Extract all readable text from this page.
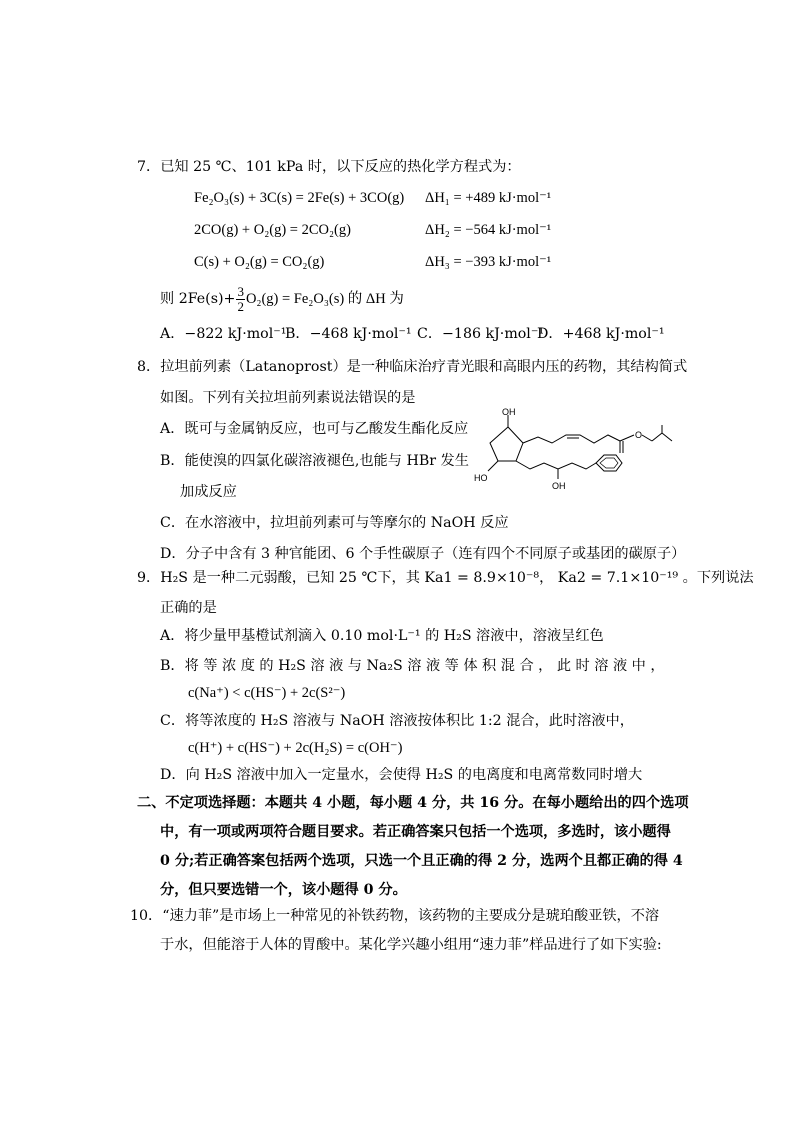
7．已知 25 ℃、101 kPa 时，以下反应的热化学方程式为：
Fe₂O₃(s) + 3C(s) = 2Fe(s) + 3CO(g) ΔH₁ = +489 kJ·mol⁻¹
2CO(g) + O₂(g) = 2CO₂(g)	ΔH₂ = −564 kJ·mol⁻¹
C(s) + O₂(g) = CO₂(g)	ΔH₃ = −393 kJ·mol⁻¹
则 $2Fe(s)+ \frac{3}{2} O_2(g) = Fe_2O_3(s)$ 的 ΔH 为
A．−822 kJ·mol⁻¹
B．−468 kJ·mol⁻¹ C．−186 kJ·mol⁻¹
D．+468 kJ·mol⁻¹
8．拉坦前列素（Latanoprost）是一种临床治疗青光眼和高眼内压的药物，其结构简式
如图。下列有关拉坦前列素说法错误的是
A．既可与金属钠反应，也可与乙酸发生酯化反应
B．能使溴的四氯化碳溶液褪色,也能与 HBr 发生
加成反应
OH
HO
OH
O
C．在水溶液中，拉坦前列素可与等摩尔的 NaOH 反应
D．分子中含有 3 种官能团、6 个手性碳原子（连有四个不同原子或基团的碳原子）
9．H₂S 是一种二元弱酸，已知 25 ℃下，其 Ka1 = 8.9×10⁻⁸， Ka2 = 7.1×10⁻¹⁹ 。下列说法
正确的是
A．将少量甲基橙试剂滴入 0.10 mol·L⁻¹ 的 H₂S 溶液中，溶液呈红色
B．将 等 浓 度 的 H₂S 溶 液 与 Na₂S 溶 液 等 体 积 混 合 ， 此 时 溶 液 中 ，
c(Na⁺) < c(HS⁻) + 2c(S²⁻)
C．将等浓度的 H₂S 溶液与 NaOH 溶液按体积比 1:2 混合，此时溶液中，
c(H⁺) + c(HS⁻) + 2c(H₂S) = c(OH⁻)
D．向 H₂S 溶液中加入一定量水，会使得 H₂S 的电离度和电离常数同时增大
二、不定项选择题：本题共 4 小题，每小题 4 分，共 16 分。在每小题给出的四个选项
中，有一项或两项符合题目要求。若正确答案只包括一个选项，多选时，该小题得
0 分;若正确答案包括两个选项，只选一个且正确的得 2 分，选两个且都正确的得 4
分，但只要选错一个，该小题得 0 分。
10．“速力菲”是市场上一种常见的补铁药物，该药物的主要成分是琥珀酸亚铁，不溶
于水，但能溶于人体的胃酸中。某化学兴趣小组用“速力菲”样品进行了如下实验:
